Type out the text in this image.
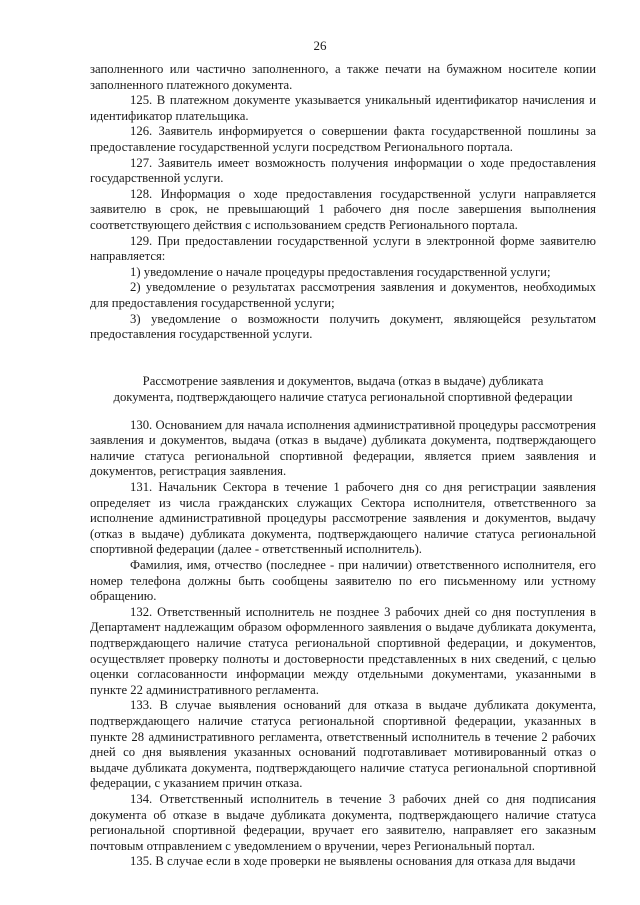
26

заполненного или частично заполненного, а также печати на бумажном носителе копии заполненного платежного документа.

125. В платежном документе указывается уникальный идентификатор начисления и идентификатор плательщика.

126. Заявитель информируется о совершении факта государственной пошлины за предоставление государственной услуги посредством Регионального портала.

127. Заявитель имеет возможность получения информации о ходе предоставления государственной услуги.

128. Информация о ходе предоставления государственной услуги направляется заявителю в срок, не превышающий 1 рабочего дня после завершения выполнения соответствующего действия с использованием средств Регионального портала.

129. При предоставлении государственной услуги в электронной форме заявителю направляется:

1) уведомление о начале процедуры предоставления государственной услуги;

2) уведомление о результатах рассмотрения заявления и документов, необходимых для предоставления государственной услуги;

3) уведомление о возможности получить документ, являющейся результатом предоставления государственной услуги.

Рассмотрение заявления и документов, выдача (отказ в выдаче) дубликата
документа, подтверждающего наличие статуса региональной спортивной федерации

130. Основанием для начала исполнения административной процедуры рассмотрения заявления и документов, выдача (отказ в выдаче) дубликата документа, подтверждающего наличие статуса региональной спортивной федерации, является прием заявления и документов, регистрация заявления.

131. Начальник Сектора в течение 1 рабочего дня со дня регистрации заявления определяет из числа гражданских служащих Сектора исполнителя, ответственного за исполнение административной процедуры рассмотрение заявления и документов, выдачу (отказ в выдаче) дубликата документа, подтверждающего наличие статуса региональной спортивной федерации (далее - ответственный исполнитель).

Фамилия, имя, отчество (последнее - при наличии) ответственного исполнителя, его номер телефона должны быть сообщены заявителю по его письменному или устному обращению.

132. Ответственный исполнитель не позднее 3 рабочих дней со дня поступления в Департамент надлежащим образом оформленного заявления о выдаче дубликата документа, подтверждающего наличие статуса региональной спортивной федерации, и документов, осуществляет проверку полноты и достоверности представленных в них сведений, с целью оценки согласованности информации между отдельными документами, указанными в пункте 22 административного регламента.

133. В случае выявления оснований для отказа в выдаче дубликата документа, подтверждающего наличие статуса региональной спортивной федерации, указанных в пункте 28 административного регламента, ответственный исполнитель в течение 2 рабочих дней со дня выявления указанных оснований подготавливает мотивированный отказ о выдаче дубликата документа, подтверждающего наличие статуса региональной спортивной федерации, с указанием причин отказа.

134. Ответственный исполнитель в течение 3 рабочих дней со дня подписания документа об отказе в выдаче дубликата документа, подтверждающего наличие статуса региональной спортивной федерации, вручает его заявителю, направляет его заказным почтовым отправлением с уведомлением о вручении, через Региональный портал.

135. В случае если в ходе проверки не выявлены основания для отказа для выдачи
